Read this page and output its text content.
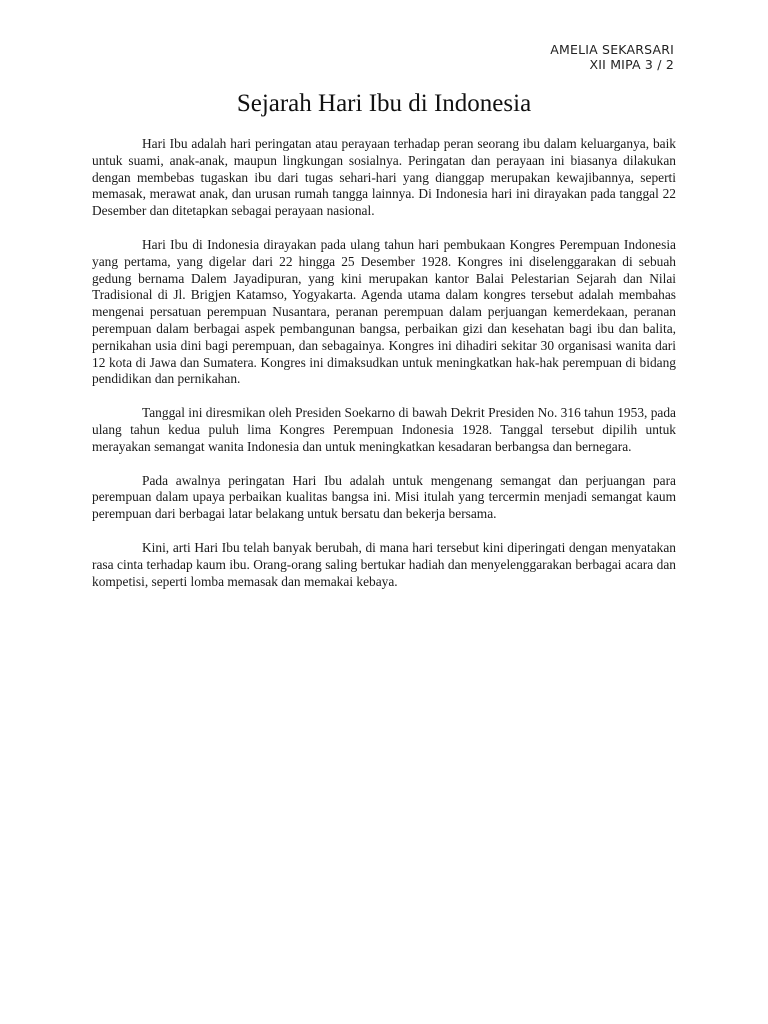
AMELIA SEKARSARI
XII MIPA 3 / 2
Sejarah Hari Ibu di Indonesia

Hari Ibu adalah hari peringatan atau perayaan terhadap peran seorang ibu dalam keluarganya, baik untuk suami, anak-anak, maupun lingkungan sosialnya. Peringatan dan perayaan ini biasanya dilakukan dengan membebas tugaskan ibu dari tugas sehari-hari yang dianggap merupakan kewajibannya, seperti memasak, merawat anak, dan urusan rumah tangga lainnya. Di Indonesia hari ini dirayakan pada tanggal 22 Desember dan ditetapkan sebagai perayaan nasional.

Hari Ibu di Indonesia dirayakan pada ulang tahun hari pembukaan Kongres Perempuan Indonesia yang pertama, yang digelar dari 22 hingga 25 Desember 1928. Kongres ini diselenggarakan di sebuah gedung bernama Dalem Jayadipuran, yang kini merupakan kantor Balai Pelestarian Sejarah dan Nilai Tradisional di Jl. Brigjen Katamso, Yogyakarta. Agenda utama dalam kongres tersebut adalah membahas mengenai persatuan perempuan Nusantara, peranan perempuan dalam perjuangan kemerdekaan, peranan perempuan dalam berbagai aspek pembangunan bangsa, perbaikan gizi dan kesehatan bagi ibu dan balita, pernikahan usia dini bagi perempuan, dan sebagainya. Kongres ini dihadiri sekitar 30 organisasi wanita dari 12 kota di Jawa dan Sumatera. Kongres ini dimaksudkan untuk meningkatkan hak-hak perempuan di bidang pendidikan dan pernikahan.

Tanggal ini diresmikan oleh Presiden Soekarno di bawah Dekrit Presiden No. 316 tahun 1953, pada ulang tahun kedua puluh lima Kongres Perempuan Indonesia 1928. Tanggal tersebut dipilih untuk merayakan semangat wanita Indonesia dan untuk meningkatkan kesadaran berbangsa dan bernegara.

Pada awalnya peringatan Hari Ibu adalah untuk mengenang semangat dan perjuangan para perempuan dalam upaya perbaikan kualitas bangsa ini. Misi itulah yang tercermin menjadi semangat kaum perempuan dari berbagai latar belakang untuk bersatu dan bekerja bersama.

Kini, arti Hari Ibu telah banyak berubah, di mana hari tersebut kini diperingati dengan menyatakan rasa cinta terhadap kaum ibu. Orang-orang saling bertukar hadiah dan menyelenggarakan berbagai acara dan kompetisi, seperti lomba memasak dan memakai kebaya.
